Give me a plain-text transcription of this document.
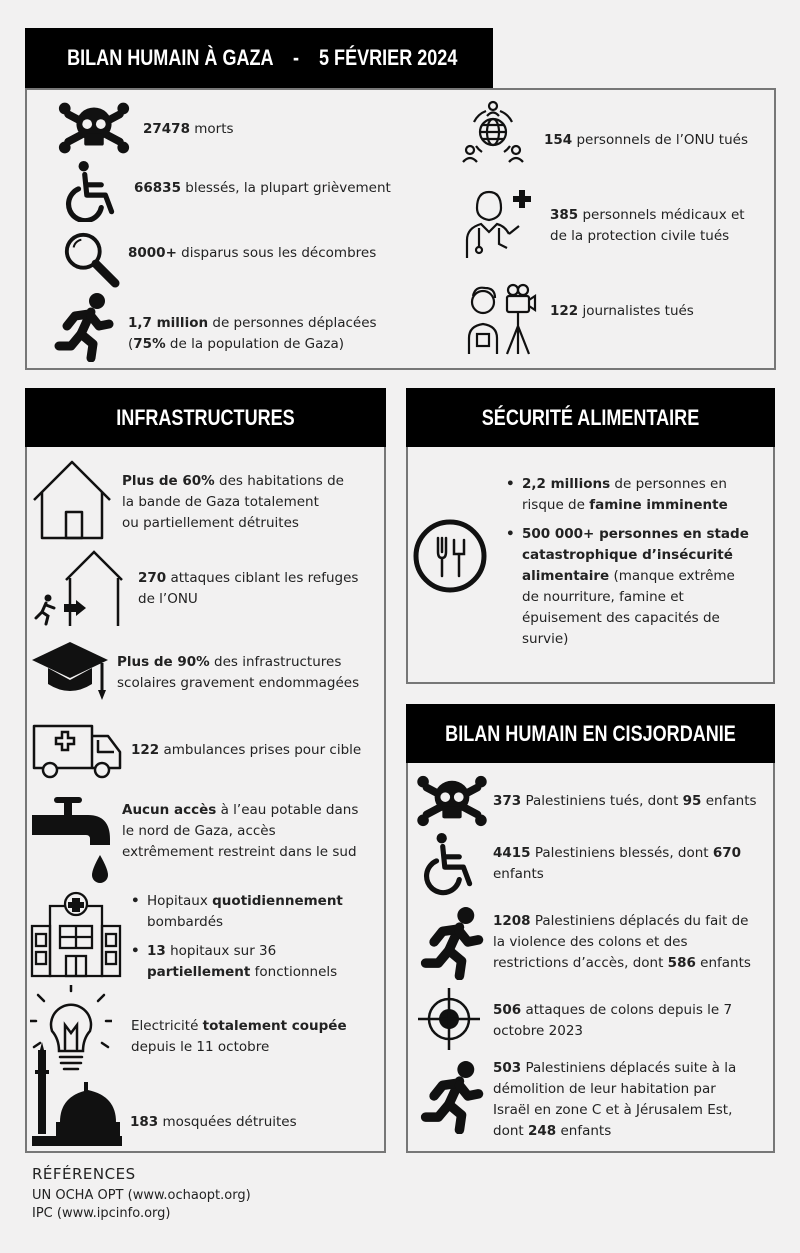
BILAN HUMAIN À GAZA - 5 FÉVRIER 2024
27478 morts
66835 blessés, la plupart grièvement
8000+ disparus sous les décombres
1,7 million de personnes déplacées
(75% de la population de Gaza)
154 personnels de l’ONU tués
385 personnels médicaux et
de la protection civile tués
122 journalistes tués
INFRASTRUCTURES
Plus de 60% des habitations de
la bande de Gaza totalement
ou partiellement détruites
270 attaques ciblant les refuges
de l’ONU
Plus de 90% des infrastructures
scolaires gravement endommagées
122 ambulances prises pour cible
Aucun accès à l’eau potable dans
le nord de Gaza, accès
extrêmement restreint dans le sud
• Hopitaux quotidiennement
bombardés
• 13 hopitaux sur 36
partiellement fonctionnels
Electricité totalement coupée
depuis le 11 octobre
183 mosquées détruites
SÉCURITÉ ALIMENTAIRE
• 2,2 millions de personnes en
risque de famine imminente
• 500 000+ personnes en stade
catastrophique d’insécurité
alimentaire (manque extrême
de nourriture, famine et
épuisement des capacités de
survie)
BILAN HUMAIN EN CISJORDANIE
373 Palestiniens tués, dont 95 enfants
4415 Palestiniens blessés, dont 670
enfants
1208 Palestiniens déplacés du fait de
la violence des colons et des
restrictions d’accès, dont 586 enfants
506 attaques de colons depuis le 7
octobre 2023
503 Palestiniens déplacés suite à la
démolition de leur habitation par
Israël en zone C et à Jérusalem Est,
dont 248 enfants
RÉFÉRENCES
UN OCHA OPT (www.ochaopt.org)
IPC (www.ipcinfo.org)
